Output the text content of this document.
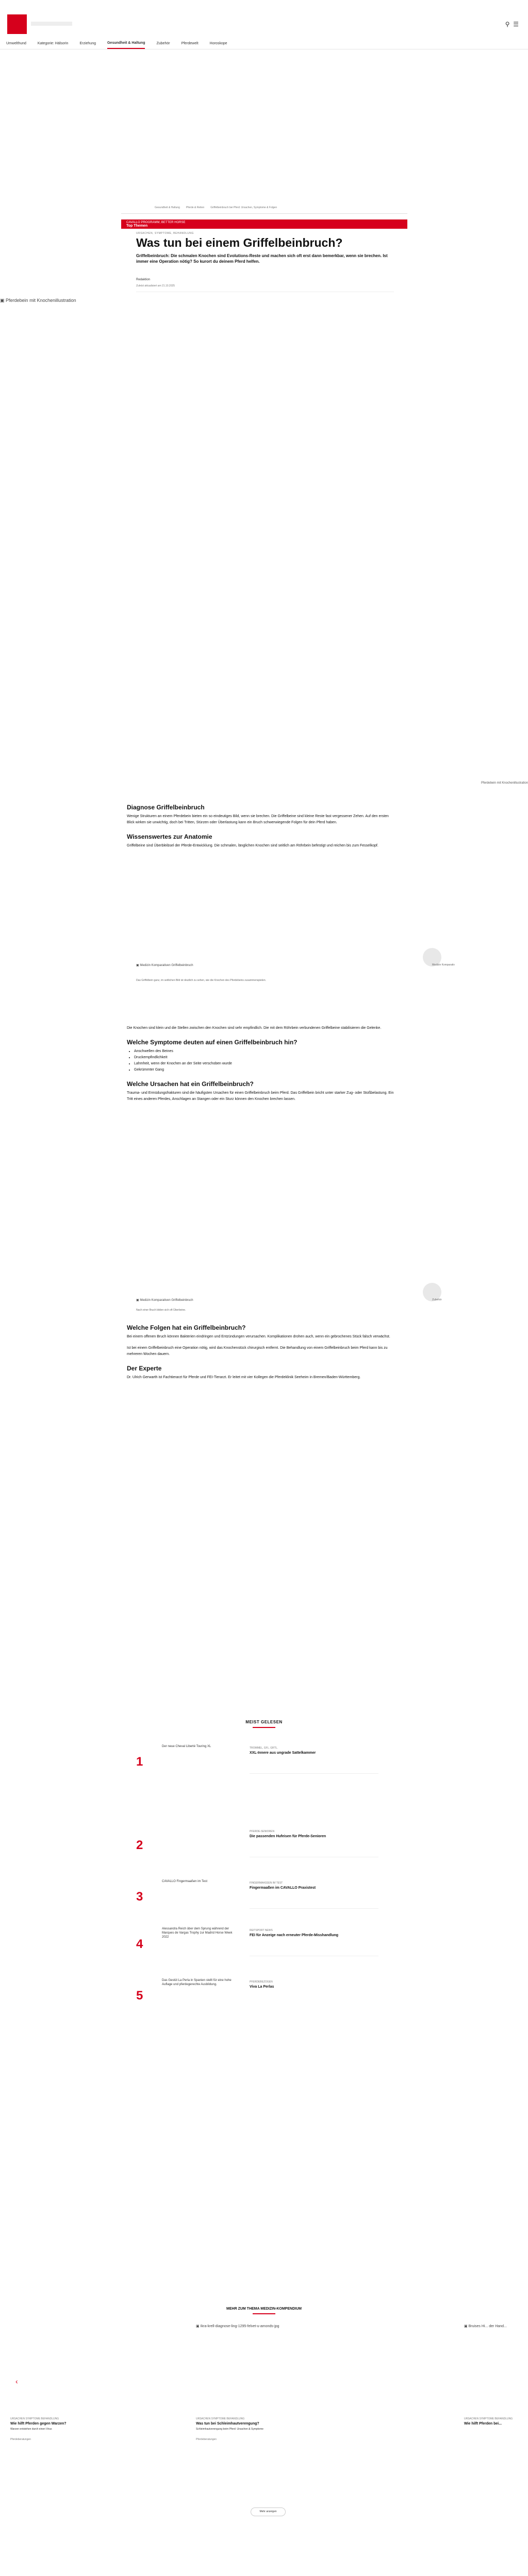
⚲ ☰
Umwelthund	Kategorie: Hälsorin	Erziehung	Gesundheit & Haltung	Zubehör	Pferdewelt	Horoskope
Gesundheit & Haltung Pferde & Reiten Griffelbeinbruch bei Pferd: Ursachen, Symptome & Folgen
CAVALLO PROGRAMM, BETTER HORSE
Top Themen
URSACHEN, SYMPTOME, BEHANDLUNG
Was tun bei einem Griffelbeinbruch?
Griffelbeinbruch: Die schmalen Knochen sind Evolutions-Reste und machen sich oft erst dann bemerkbar, wenn sie brechen. Ist immer eine Operation nötig? So kurort du deinem Pferd helfen.
Redaktion
Zuletzt aktualisiert am 21.10.2025
▣ Pferdebein mit Knochenillustration
Pferdebein mit Knochenillustration
Diagnose Griffelbeinbruch

Wenige Strukturen an einem Pferdebein bieten ein so eindeutiges Bild, wenn sie brechen. Die Griffelbeine sind kleine Reste fast vergessener Zehen. Auf den ersten Blick wirken sie unwichtig, doch bei Tritten, Stürzen oder Überlastung kann ein Bruch schwerwiegende Folgen für dein Pferd haben.

Wissenswertes zur Anatomie

Griffelbeine sind Überbleibsel der Pferde-Entwicklung. Die schmalen, länglichen Knochen sind seitlich am Röhrbein befestigt und reichen bis zum Fesselkopf.

▣ Medizin Komparativen Griffelbeinbruch	Medizin Komparativ
Das Griffelbein ganz, im seitlichen Bild ist deutlich zu sehen, wie die Knochen des Pferdebeins zusammenspielen.

Die Knochen sind klein und die Stellen zwischen den Knochen sind sehr empfindlich. Die mit dem Röhrbein verbundenen Griffelbeine stabilisieren die Gelenke.

Welche Symptome deuten auf einen Griffelbeinbruch hin?
• Anschwellen des Beines
• Druckempfindlichkeit
• Lahmheit, wenn der Knochen an der Seite verschoben wurde
• Gekrümmter Gang
Welche Ursachen hat ein Griffelbeinbruch?

Trauma- und Ermüdungsfrakturen sind die häufigsten Ursachen für einen Griffelbeinbruch beim Pferd. Das Griffelbein bricht unter starker Zug- oder Stoßbelastung. Ein Tritt eines anderen Pferdes, Anschlagen an Stangen oder ein Sturz können den Knochen brechen lassen.

▣ Medizin Komparativen Griffelbeinbruch	Zubehör
Nach einer Bruch bilden sich oft Überbeine.
Welche Folgen hat ein Griffelbeinbruch?

Bei einem offenen Bruch können Bakterien eindringen und Entzündungen verursachen. Komplikationen drohen auch, wenn ein gebrochenes Stück falsch verwächst.

Ist bei einem Griffelbeinbruch eine Operation nötig, wird das Knochenstück chirurgisch entfernt. Die Behandlung von einem Griffelbeinbruch beim Pferd kann bis zu mehreren Wochen dauern.

Der Experte

Dr. Ulrich Gerwarth ist Fachtierarzt für Pferde und FEI-Tierarzt. Er leitet mit vier Kollegen die Pferdeklinik Seeheim in Bremen/Baden-Württemberg.

MEIST GELESEN
1
Der neue Cheval Liberté Touring XL	TROMMEL, GFL. GRTL.
XXL-Innere aus ungrade Sattelkammer
2
PFERDE-SENIOREN
Die passenden Hufeisen für Pferde-Senioren
3
CAVALLO Fingermaaßen im Test	FINGERMAASSEN IM TEST
Fingermaaßen im CAVALLO Praxistest
4
Alessandra Reich über dem Sprung während der Marques de Vargas Trophy zur Madrid Horse Week 2022
REITSPORT NEWS
FEI für Anzeige nach erneuter Pferde-Misshandlung
5
Das Gestüt La Perla in Spanien stellt für eine hohe Auflage und pferdegerechte Ausbildung.
PFERDEBEZOGEN
Viva La Perlas
MEHR ZUM THEMA MEDIZIN-KOMPENDIUM
URSACHEN SYMPTOME BEHANDLUNG
Wie hilft Pferden gegen Warzen?
Warzen entstehen durch einen Virus
Pferdeberatungen
▣ Ikra-krell-diagnose-ling-1295-felvet-u-amonds-jpg
URSACHEN SYMPTOME BEHANDLUNG
Was tun bei Schleimhautverengung?
Schleimhautverengung beim Pferd: Ursachen & Symptome
Pferdeberatungen
▣ Bruises Hi... der Hand...
URSACHEN SYMPTOME BEHANDLUNG
Wie hilft Pferden bei...
‹
Mehr anzeigen
